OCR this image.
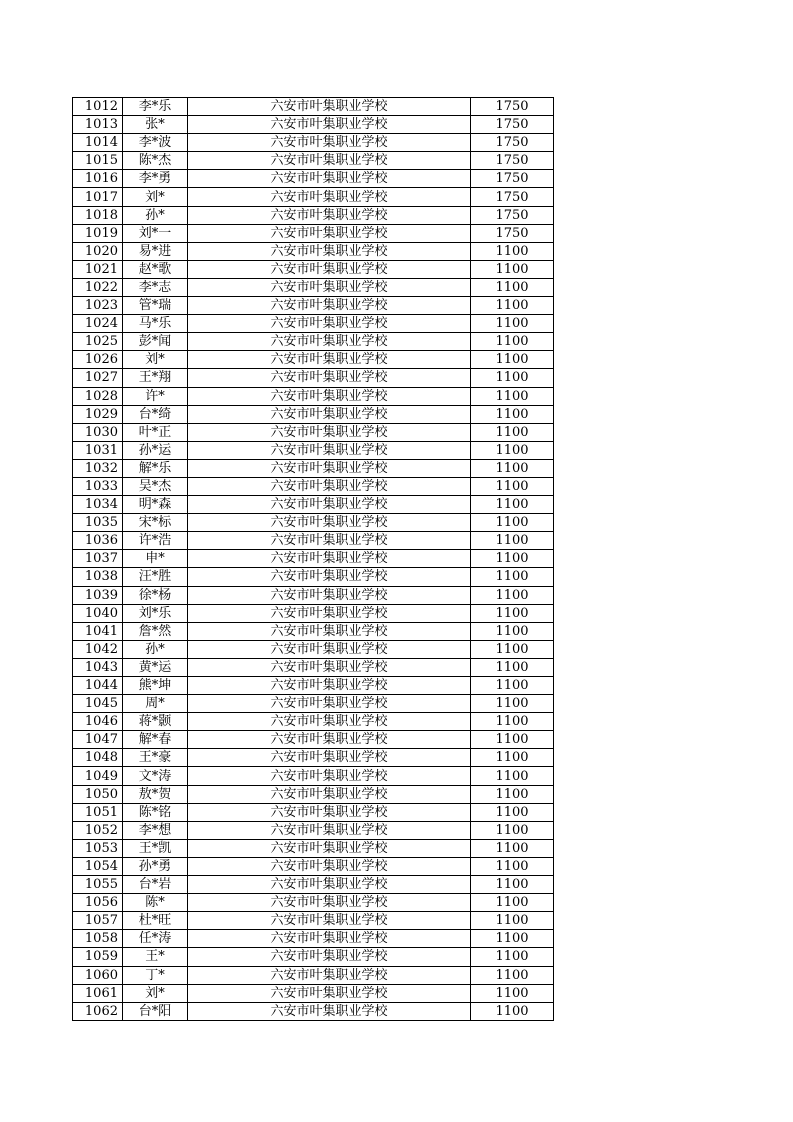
1012	李*乐	六安市叶集职业学校	1750
1013	张*	六安市叶集职业学校	1750
1014	李*波	六安市叶集职业学校	1750
1015	陈*杰	六安市叶集职业学校	1750
1016	李*勇	六安市叶集职业学校	1750
1017	刘*	六安市叶集职业学校	1750
1018	孙*	六安市叶集职业学校	1750
1019	刘*一	六安市叶集职业学校	1750
1020	易*进	六安市叶集职业学校	1100
1021	赵*歌	六安市叶集职业学校	1100
1022	李*志	六安市叶集职业学校	1100
1023	管*瑞	六安市叶集职业学校	1100
1024	马*乐	六安市叶集职业学校	1100
1025	彭*闻	六安市叶集职业学校	1100
1026	刘*	六安市叶集职业学校	1100
1027	王*翔	六安市叶集职业学校	1100
1028	许*	六安市叶集职业学校	1100
1029	台*绮	六安市叶集职业学校	1100
1030	叶*正	六安市叶集职业学校	1100
1031	孙*运	六安市叶集职业学校	1100
1032	解*乐	六安市叶集职业学校	1100
1033	吴*杰	六安市叶集职业学校	1100
1034	明*森	六安市叶集职业学校	1100
1035	宋*标	六安市叶集职业学校	1100
1036	许*浩	六安市叶集职业学校	1100
1037	申*	六安市叶集职业学校	1100
1038	汪*胜	六安市叶集职业学校	1100
1039	徐*杨	六安市叶集职业学校	1100
1040	刘*乐	六安市叶集职业学校	1100
1041	詹*然	六安市叶集职业学校	1100
1042	孙*	六安市叶集职业学校	1100
1043	黄*运	六安市叶集职业学校	1100
1044	熊*坤	六安市叶集职业学校	1100
1045	周*	六安市叶集职业学校	1100
1046	蒋*颢	六安市叶集职业学校	1100
1047	解*春	六安市叶集职业学校	1100
1048	王*豪	六安市叶集职业学校	1100
1049	文*涛	六安市叶集职业学校	1100
1050	敖*贺	六安市叶集职业学校	1100
1051	陈*铭	六安市叶集职业学校	1100
1052	李*想	六安市叶集职业学校	1100
1053	王*凯	六安市叶集职业学校	1100
1054	孙*勇	六安市叶集职业学校	1100
1055	台*岩	六安市叶集职业学校	1100
1056	陈*	六安市叶集职业学校	1100
1057	杜*旺	六安市叶集职业学校	1100
1058	任*涛	六安市叶集职业学校	1100
1059	王*	六安市叶集职业学校	1100
1060	丁*	六安市叶集职业学校	1100
1061	刘*	六安市叶集职业学校	1100
1062	台*阳	六安市叶集职业学校	1100
